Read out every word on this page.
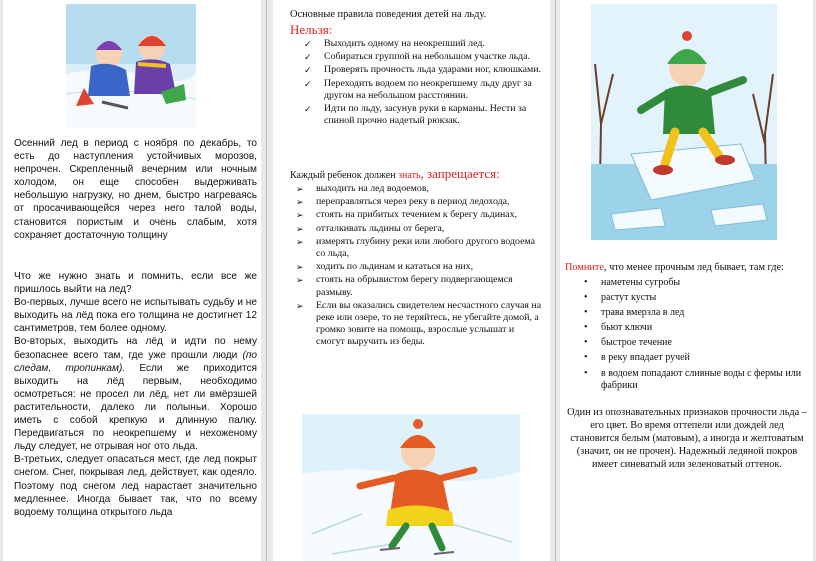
Осенний лед в период с ноября по декабрь, то есть до наступления устойчивых морозов, непрочен. Скрепленный вечерним или ночным холодом, он еще способен выдерживать небольшую нагрузку, но днем, быстро нагреваясь от просачивающейся через него талой воды, становится пористым и очень слабым, хотя сохраняет достаточную толщину

Что же нужно знать и помнить, если все же пришлось выйти на лед?

Во-первых, лучше всего не испытывать судьбу и не выходить на лёд пока его толщина не достигнет 12 сантиметров, тем более одному.

Во-вторых, выходить на лёд и идти по нему безопаснее всего там, где уже прошли люди (по следам, тропинкам). Если же приходится выходить на лёд первым, необходимо осмотреться: не просел ли лёд, нет ли вмёрзшей растительности, далеко ли полыньи. Хорошо иметь с собой крепкую и длинную палку. Передвигаться по неокрепшему и нехоженому льду следует, не отрывая ног ото льда.

В-третьих, следует опасаться мест, где лед покрыт снегом. Снег, покрывая лед, действует, как одеяло. Поэтому под снегом лед нарастает значительно медленнее. Иногда бывает так, что по всему водоему толщина открытого льда

Основные правила поведения детей на льду.
Нельзя:
✓ Выходить одному на неокрепший лед.
✓ Собираться группой на небольшом участке льда.
✓ Проверять прочность льда ударами ног, клюшками.
✓ Переходить водоем по неокрепшему льду друг за другом на небольшом расстоянии.
✓ Идти по льду, засунув руки в карманы. Нести за спиной прочно надетый рюкзак.
Каждый ребенок должен знать, запрещается:
➢ выходить на лед водоемов,
➢ переправляться через реку в период ледохода,
➢ стоять на прибитых течением к берегу льдинах,
➢ отталкивать льдины от берега,
➢ измерять глубину реки или любого другого водоема со льда,
➢ ходить по льдинам и кататься на них,
➢ стоять на обрывистом берегу подвергающемся размыву.
➢ Если вы оказались свидетелем несчастного случая на реке или озере, то не теряйтесь, не убегайте домой, а громко зовите на помощь, взрослые услышат и смогут выручить из беды.
Помните, что менее прочным лед бывает, там где:
• наметены сугробы
• растут кусты
• трава вмерзла в лед
• бьют ключи
• быстрое течение
• в реку впадает ручей
• в водоем попадают сливные воды с фермы или фабрики
Один из опознавательных признаков прочности льда – его цвет. Во время оттепели или дождей лед становится белым (матовым), а иногда и желтоватым (значит, он не прочен). Надежный ледяной покров имеет синеватый или зеленоватый оттенок.
